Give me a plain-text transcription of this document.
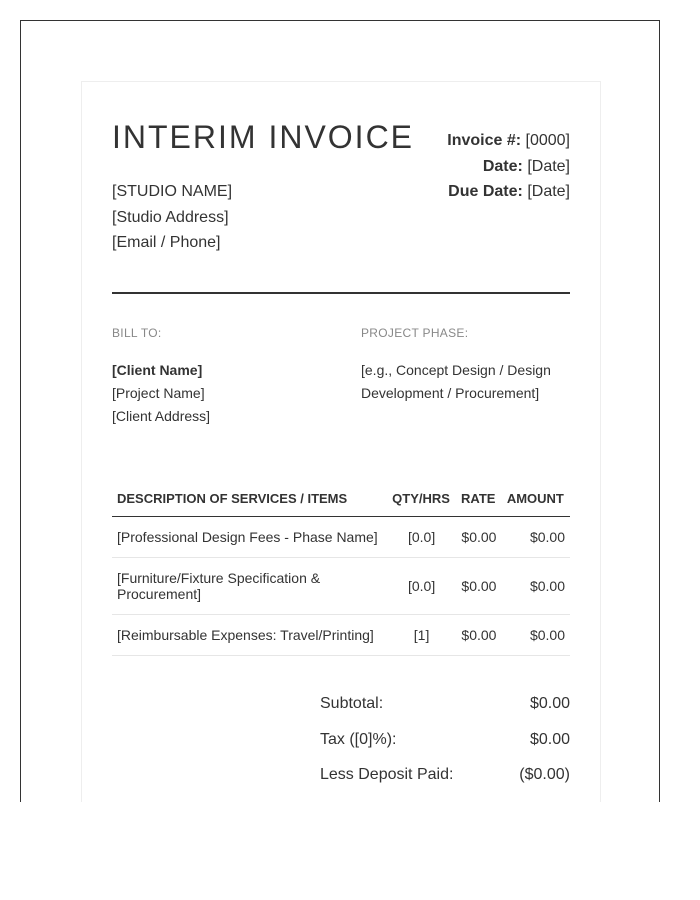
INTERIM INVOICE
[STUDIO NAME]
[Studio Address]
[Email / Phone]
Invoice #: [0000]
Date: [Date]
Due Date: [Date]
BILL TO:
[Client Name]
[Project Name]
[Client Address]
PROJECT PHASE:
[e.g., Concept Design / Design
Development / Procurement]
DESCRIPTION OF SERVICES / ITEMS	QTY/HRS	RATE	AMOUNT
[Professional Design Fees - Phase Name]	[0.0]	$0.00	$0.00

[Furniture/Fixture Specification &
Procurement]	[0.0]	$0.00	$0.00
[Reimbursable Expenses: Travel/Printing]	[1]	$0.00	$0.00
Subtotal:	$0.00
Tax ([0]%):	$0.00
Less Deposit Paid:	($0.00)
